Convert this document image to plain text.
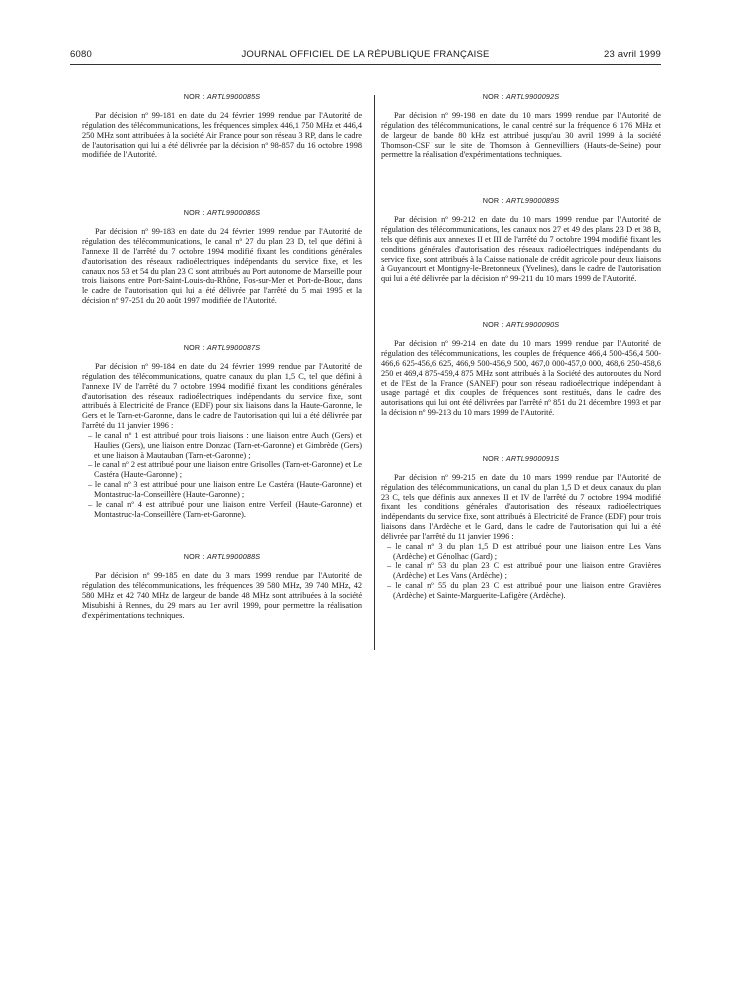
6080	JOURNAL OFFICIEL DE LA RÉPUBLIQUE FRANÇAISE	23 avril 1999

NOR : ARTL9900085S

Par décision nº 99-181 en date du 24 février 1999 rendue par l'Autorité de régulation des télécommunications, les fréquences simplex 446,1 750 MHz et 446,4 250 MHz sont attribuées à la société Air France pour son réseau 3 RP, dans le cadre de l'autorisation qui lui a été délivrée par la décision nº 98-857 du 16 octobre 1998 modifiée de l'Autorité.

NOR : ARTL9900086S

Par décision nº 99-183 en date du 24 février 1999 rendue par l'Autorité de régulation des télécommunications, le canal nº 27 du plan 23 D, tel que défini à l'annexe II de l'arrêté du 7 octobre 1994 modifié fixant les conditions générales d'autorisation des réseaux radioélectriques indépendants du service fixe, et les canaux nos 53 et 54 du plan 23 C sont attribués au Port autonome de Marseille pour trois liaisons entre Port-Saint-Louis-du-Rhône, Fos-sur-Mer et Port-de-Bouc, dans le cadre de l'autorisation qui lui a été délivrée par l'arrêté du 5 mai 1995 et la décision nº 97-251 du 20 août 1997 modifiée de l'Autorité.

NOR : ARTL9900087S

Par décision nº 99-184 en date du 24 février 1999 rendue par l'Autorité de régulation des télécommunications, quatre canaux du plan 1,5 C, tel que défini à l'annexe IV de l'arrêté du 7 octobre 1994 modifié fixant les conditions générales d'autorisation des réseaux radioélectriques indépendants du service fixe, sont attribués à Electricité de France (EDF) pour six liaisons dans la Haute-Garonne, le Gers et le Tarn-et-Garonne, dans le cadre de l'autorisation qui lui a été délivrée par l'arrêté du 11 janvier 1996 :

– le canal nº 1 est attribué pour trois liaisons : une liaison entre Auch (Gers) et Haulies (Gers), une liaison entre Donzac (Tarn-et-Garonne) et Gimbrède (Gers) et une liaison à Mautauban (Tarn-et-Garonne) ;
– le canal nº 2 est attribué pour une liaison entre Grisolles (Tarn-et-Garonne) et Le Castéra (Haute-Garonne) ;
– le canal nº 3 est attribué pour une liaison entre Le Castéra (Haute-Garonne) et Montastruc-la-Conseillère (Haute-Garonne) ;
– le canal nº 4 est attribué pour une liaison entre Verfeil (Haute-Garonne) et Montastruc-la-Conseillère (Tarn-et-Garonne).

NOR : ARTL9900088S

Par décision nº 99-185 en date du 3 mars 1999 rendue par l'Autorité de régulation des télécommunications, les fréquences 39 580 MHz, 39 740 MHz, 42 580 MHz et 42 740 MHz de largeur de bande 48 MHz sont attribuées à la société Misubishi à Rennes, du 29 mars au 1er avril 1999, pour permettre la réalisation d'expérimentations techniques.

NOR : ARTL9900092S

Par décision nº 99-198 en date du 10 mars 1999 rendue par l'Autorité de régulation des télécommunications, le canal centré sur la fréquence 6 176 MHz et de largeur de bande 80 kHz est attribué jusqu'au 30 avril 1999 à la société Thomson-CSF sur le site de Thomson à Gennevilliers (Hauts-de-Seine) pour permettre la réalisation d'expérimentations techniques.

NOR : ARTL9900089S

Par décision nº 99-212 en date du 10 mars 1999 rendue par l'Autorité de régulation des télécommunications, les canaux nos 27 et 49 des plans 23 D et 38 B, tels que définis aux annexes II et III de l'arrêté du 7 octobre 1994 modifié fixant les conditions générales d'autorisation des réseaux radioélectriques indépendants du service fixe, sont attribués à la Caisse nationale de crédit agricole pour deux liaisons à Guyancourt et Montigny-le-Bretonneux (Yvelines), dans le cadre de l'autorisation qui lui a été délivrée par la décision nº 99-211 du 10 mars 1999 de l'Autorité.

NOR : ARTL9900090S

Par décision nº 99-214 en date du 10 mars 1999 rendue par l'Autorité de régulation des télécommunications, les couples de fréquence 466,4 500-456,4 500-466,6 625-456,6 625, 466,9 500-456,9 500, 467,0 000-457,0 000, 468,6 250-458,6 250 et 469,4 875-459,4 875 MHz sont attribués à la Société des autoroutes du Nord et de l'Est de la France (SANEF) pour son réseau radioélectrique indépendant à usage partagé et dix couples de fréquences sont restitués, dans le cadre des autorisations qui lui ont été délivrées par l'arrêté nº 851 du 21 décembre 1993 et par la décision nº 99-213 du 10 mars 1999 de l'Autorité.

NOR : ARTL9900091S

Par décision nº 99-215 en date du 10 mars 1999 rendue par l'Autorité de régulation des télécommunications, un canal du plan 1,5 D et deux canaux du plan 23 C, tels que définis aux annexes II et IV de l'arrêté du 7 octobre 1994 modifié fixant les conditions générales d'autorisation des réseaux radioélectriques indépendants du service fixe, sont attribués à Electricité de France (EDF) pour trois liaisons dans l'Ardèche et le Gard, dans le cadre de l'autorisation qui lui a été délivrée par l'arrêté du 11 janvier 1996 :

– le canal nº 3 du plan 1,5 D est attribué pour une liaison entre Les Vans (Ardèche) et Génolhac (Gard) ;
– le canal nº 53 du plan 23 C est attribué pour une liaison entre Gravières (Ardèche) et Les Vans (Ardèche) ;
– le canal nº 55 du plan 23 C est attribué pour une liaison entre Gravières (Ardèche) et Sainte-Marguerite-Lafigère (Ardèche).
